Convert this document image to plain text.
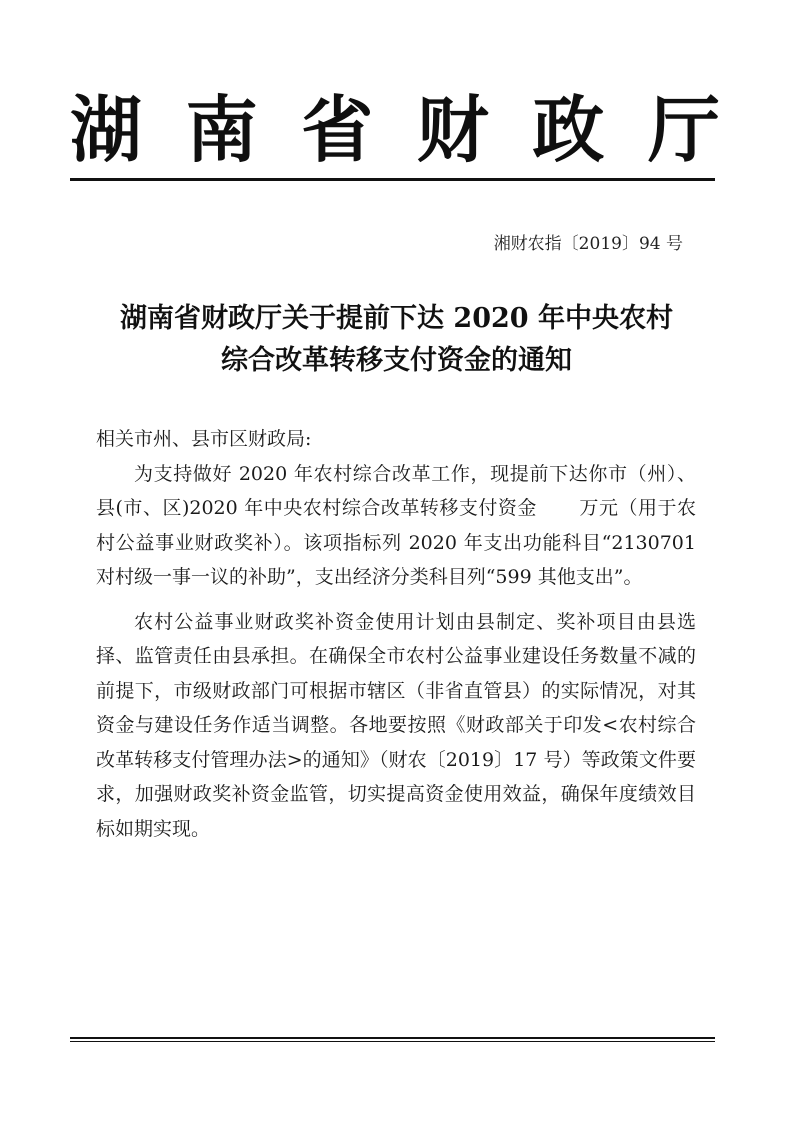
湖 南 省 财 政 厅
湘财农指〔2019〕94 号
湖南省财政厅关于提前下达 2020 年中央农村
综合改革转移支付资金的通知

相关市州、县市区财政局:

为支持做好 2020 年农村综合改革工作，现提前下达你市（州）、县(市、区)2020 年中央农村综合改革转移支付资金 万元（用于农村公益事业财政奖补）。该项指标列 2020 年支出功能科目“2130701 对村级一事一议的补助”，支出经济分类科目列“599 其他支出”。

农村公益事业财政奖补资金使用计划由县制定、奖补项目由县选择、监管责任由县承担。在确保全市农村公益事业建设任务数量不减的前提下，市级财政部门可根据市辖区（非省直管县）的实际情况，对其资金与建设任务作适当调整。各地要按照《财政部关于印发<农村综合改革转移支付管理办法>的通知》（财农〔2019〕17 号）等政策文件要求，加强财政奖补资金监管，切实提高资金使用效益，确保年度绩效目标如期实现。
